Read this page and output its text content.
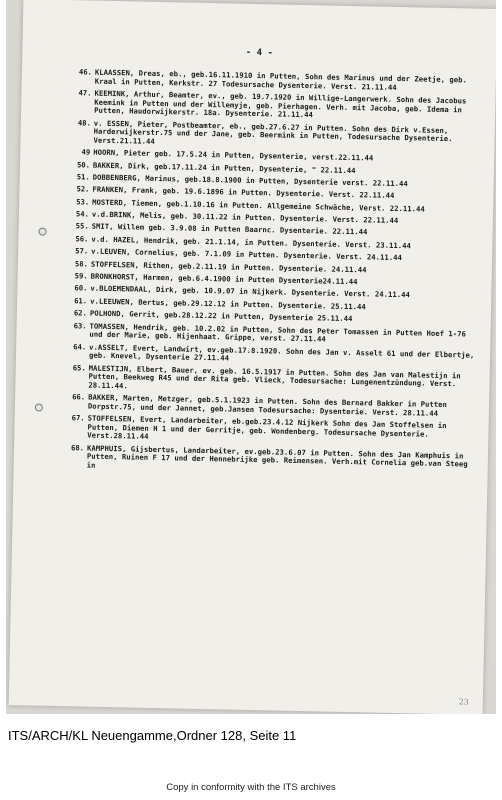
- 4 -
46. KLAASSEN, Dreas, eb., geb.16.11.1910 in Putten, Sohn des Marinus und der Zeetje, geb. Kraal in Putten, Kerkstr. 27 Todesursache Dysenterie. Verst. 21.11.44
47. KEEMINK, Arthur, Beamter, ev., geb. 19.7.1920 in Willige-Langerwerk. Sohn des Jacobus Keemink in Putten und der Willemyje, geb. Pierhagen. Verh. mit Jacoba, geb. Idema in Putten, Haudorwijkerstr. 18a. Dysenterie. 21.11.44
48. v. ESSEN, Pieter, Postbeamter, eb., geb.27.6.27 in Putten. Sohn des Dirk v.Essen, Harderwijkerstr.75 und der Jane, geb. Beermink in Putten, Todesursache Dysenterie. Verst.21.11.44
49 HOORN, Pieter geb. 17.5.24 in Putten, Dysenterie, verst.22.11.44
50. BAKKER, Dirk, geb.17.11.24 in Putten, Dysenterie, " 22.11.44
51. DOBBENBERG, Marinus, geb.18.8.1900 in Putten, Dysenterie verst. 22.11.44
52. FRANKEN, Frank, geb. 19.6.1896 in Putten. Dysenterie. Verst. 22.11.44
53. MOSTERD, Tiemen, geb.1.10.16 in Putten. Allgemeine Schwäche, Verst. 22.11.44
54. v.d.BRINK, Melis, geb. 30.11.22 in Putten. Dysenterie. Verst. 22.11.44
55. SMIT, Willem geb. 3.9.08 in Putten Baarnc. Dysenterie. 22.11.44
56. v.d. HAZEL, Hendrik, geb. 21.1.14, in Putten. Dysenterie. Verst. 23.11.44
57. v.LEUVEN, Cornelius, geb. 7.1.09 in Putten. Dysenterie. Verst. 24.11.44
58. STOFFELSEN, Rithen, geb.2.11.19 in Putten. Dysenterie. 24.11.44
59. BRONKHORST, Harmen, geb.6.4.1900 in Putten Dysenterie24.11.44
60. v.BLOEMENDAAL, Dirk, geb. 10.9.07 in Nijkerk. Dysenterie. Verst. 24.11.44
61. v.LEEUWEN, Bertus, geb.29.12.12 in Putten. Dysenterie. 25.11.44
62. POLHOND, Gerrit, geb.28.12.22 in Putten, Dysenterie 25.11.44
63. TOMASSEN, Hendrik, geb. 10.2.02 in Putten, Sohn des Peter Tomassen in Putten Hoef 1-76 und der Marie, geb. Hijenhaat. Grippe, verst. 27.11.44
64. v.ASSELT, Evert, Landwirt, ev.geb.17.8.1920. Sohn des Jan v. Asselt 61 und der Elbertje, geb. Knevel, Dysenterie 27.11.44
65. MALESTIJN, Elbert, Bauer, ev. geb. 16.5.1917 in Putten. Sohn des Jan van Malestijn in Putten, Beekweg R45 und der Rita geb. Vlieck, Todesursache: Lungenentzündung. Verst. 28.11.44.
66. BAKKER, Marten, Metzger, geb.5.1.1923 in Putten. Sohn des Bernard Bakker in Putten Dorpstr.75, und der Jannet, geb.Jansen Todesursache: Dysenterie. Verst. 28.11.44
67. STOFFELSEN, Evert, Landarbeiter, eb.geb.23.4.12 Nijkerk Sohn des Jan Stoffelsen in Putten, Diemen H 1 und der Gerritje, geb. Wondenberg. Todesursache Dysenterie. Verst.28.11.44
68. KAMPHUIS, Gijsbertus, Landarbeiter, ev.geb.23.6.07 in Putten. Sohn des Jan Kamphuis in Putten, Ruinen F 17 und der Hennebrijke geb. Reimensen. Verh.mit Cornelia geb.van Steeg in
23
ITS/ARCH/KL Neuengamme,Ordner 128, Seite 11
Copy in conformity with the ITS archives
